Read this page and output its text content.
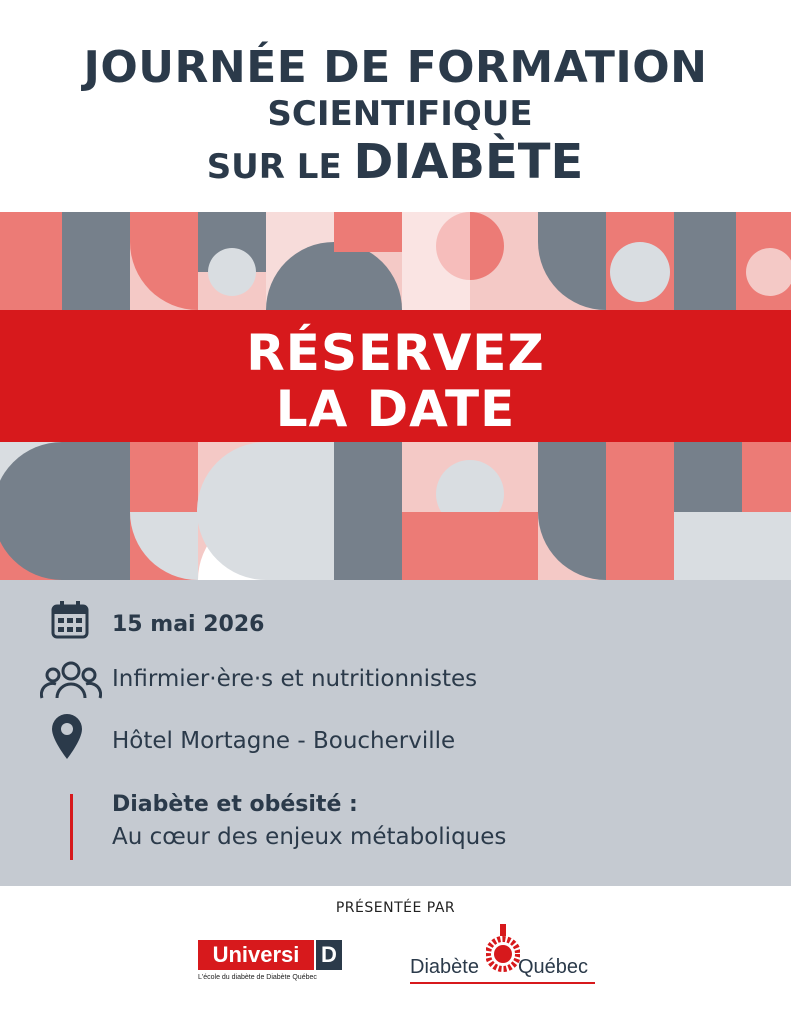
JOURNÉE DE FORMATION
SCIENTIFIQUE
SUR LE DIABÈTE
RÉSERVEZ
LA DATE
15 mai 2026
Infirmier·ère·s et nutritionnistes
Hôtel Mortagne - Boucherville
Diabète et obésité :
Au cœur des enjeux métaboliques
PRÉSENTÉE PAR
Universi D
L'école du diabète de Diabète Québec	Diabète Québec
